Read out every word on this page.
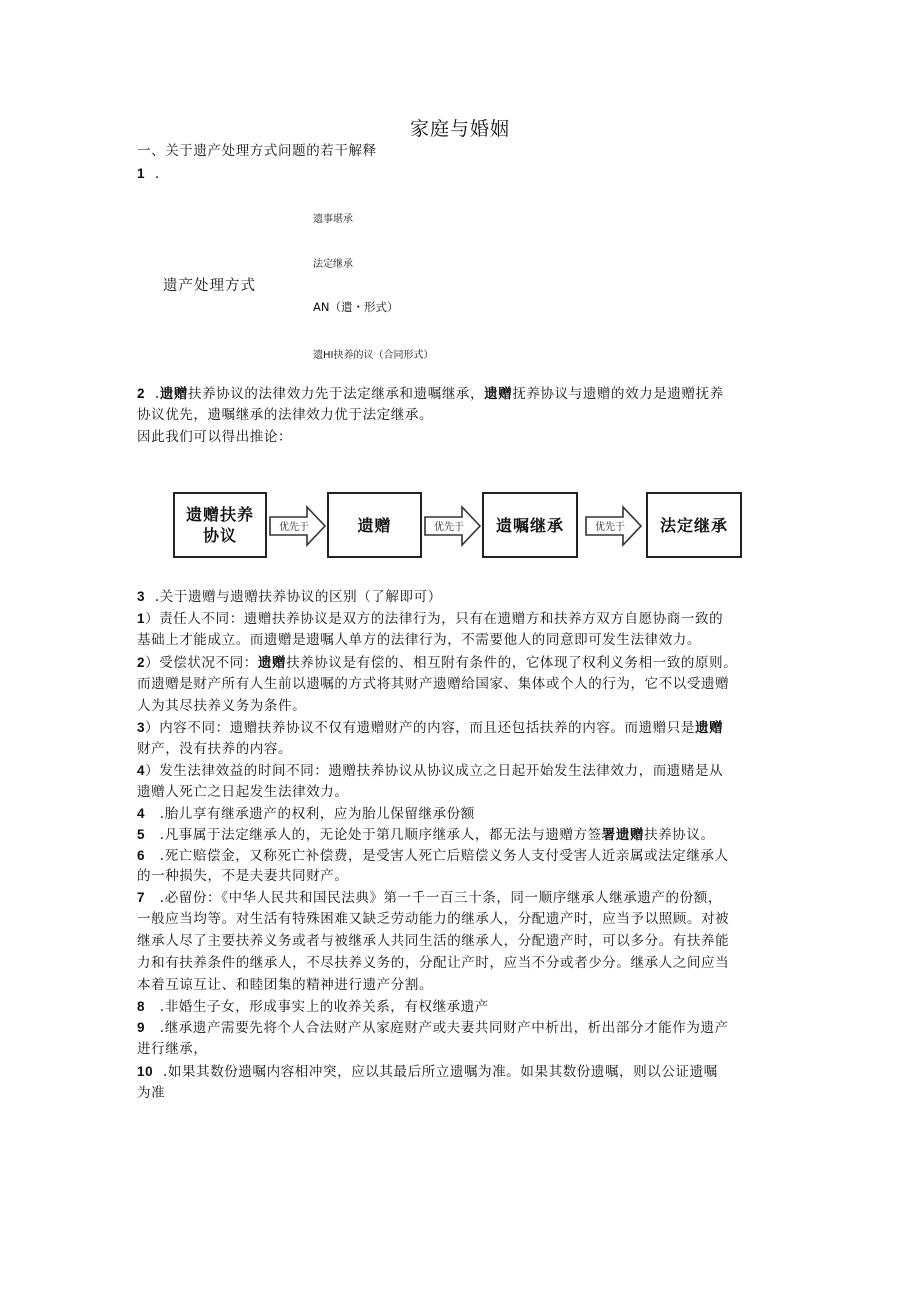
家庭与婚姻
一、关于遗产处理方式问题的若干解释
1 .
遗产处理方式
遗事堪承
法定继承
AN（遣・形式）
遗HI抉养的议（合同形式）
2 .遗赠扶养协议的法律效力先于法定继承和遗嘱继承，遗赠抚养协议与遗赠的效力是遗赠抚养
协议优先，遗嘱继承的法律效力优于法定继承。
因此我们可以得出推论：
遗赠扶养
协议	优先于	遗赠	优先于	遗嘱继承	优先于	法定继承
3 .关于遗赠与遗赠扶养协议的区别（了解即可）
1）责任人不同：遗赠扶养协议是双方的法律行为，只有在遗赠方和扶养方双方自愿协商一致的
基础上才能成立。而遗赠是遗嘱人单方的法律行为，不需要他人的同意即可发生法律效力。
2）受偿状况不同：遗赠扶养协议是有偿的、相互附有条件的，它体现了权利义务相一致的原则。
而遗赠是财产所有人生前以遗嘱的方式将其财产遗赠给国家、集体或个人的行为，它不以受遗赠
人为其尽扶养义务为条件。
3）内容不同：遗赠扶养协议不仅有遗赠财产的内容，而且还包括扶养的内容。而遗赠只是遗赠
财产，没有扶养的内容。
4）发生法律效益的时间不同：遗赠扶养协议从协议成立之日起开始发生法律效力，而遗赌是从
遗赠人死亡之日起发生法律效力。
4 .胎儿享有继承遗产的权利，应为胎儿保留继承份额
5 .凡事属于法定继承人的，无论处于第几顺序继承人，都无法与遗赠方签署遗赠扶养协议。
6 .死亡赔偿金，又称死亡补偿费，是受害人死亡后赔偿义务人支付受害人近亲属或法定继承人
的一种损失，不是夫妻共同财产。
7 .必留份：《中华人民共和国民法典》第一千一百三十条，同一顺序继承人继承遗产的份额，
一般应当均等。对生活有特殊困难又缺乏劳动能力的继承人，分配遗产时，应当予以照顾。对被
继承人尽了主要扶养义务或者与被继承人共同生活的继承人，分配遗产时，可以多分。有扶养能
力和有扶养条件的继承人，不尽扶养义务的，分配让产时，应当不分或者少分。继承人之间应当
本着互谅互让、和睦团集的精神进行遗产分割。
8 .非婚生子女，形成事实上的收养关系，有权继承遗产
9 .继承遗产需要先将个人合法财产从家庭财产或夫妻共同财产中析出，析出部分才能作为遗产
进行继承，
10 .如果其数份遗嘱内容相冲突，应以其最后所立遗嘱为准。如果其数份遗嘱，则以公证遗嘱
为准
